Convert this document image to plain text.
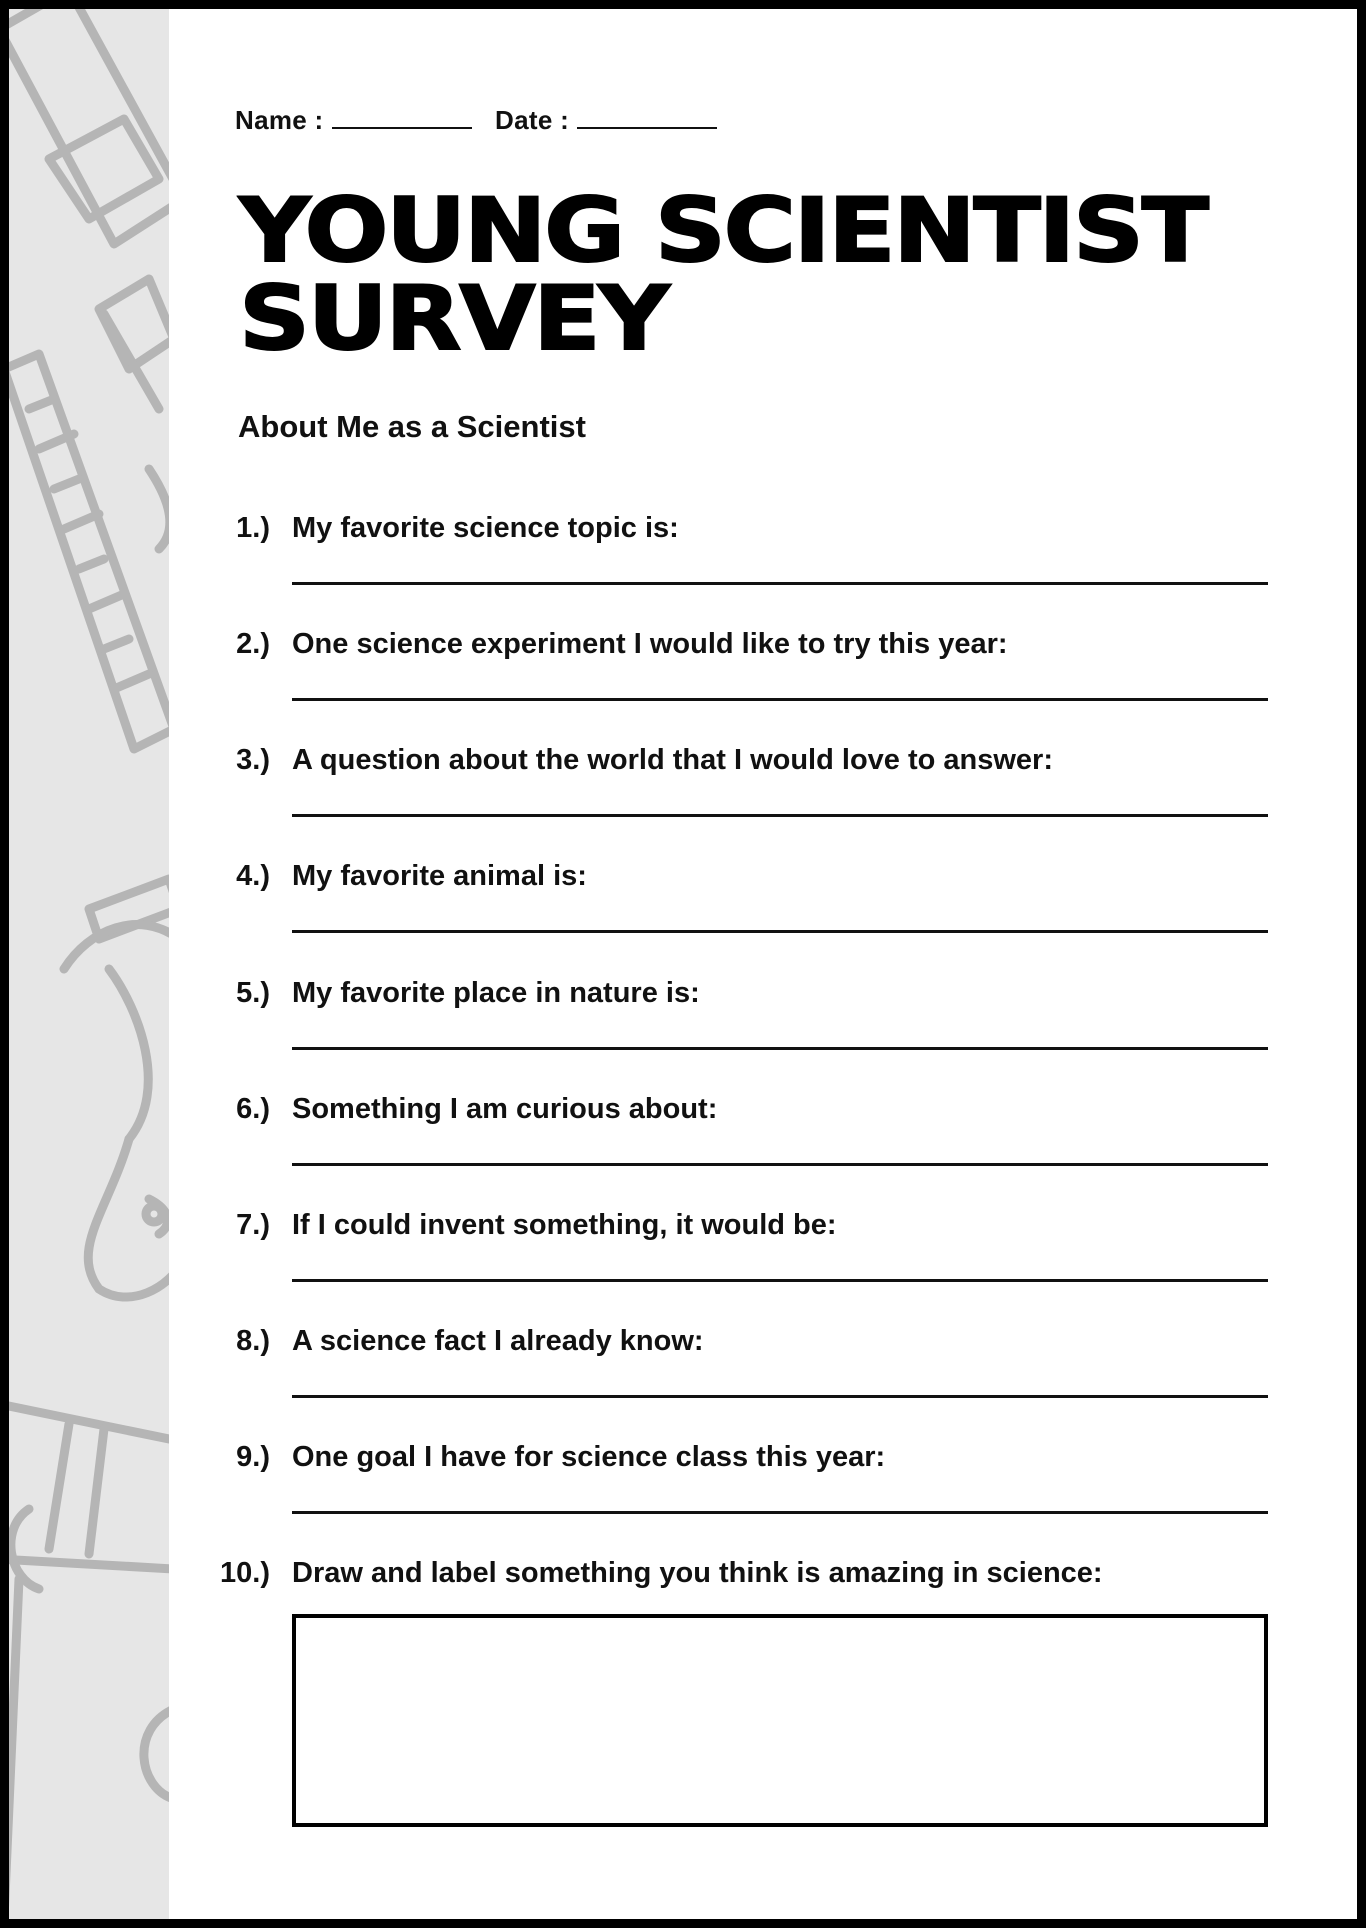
Name :	Date :
YOUNG SCIENTIST
SURVEY
About Me as a Scientist
1.) My favorite science topic is:
2.) One science experiment I would like to try this year:
3.) A question about the world that I would love to answer:
4.) My favorite animal is:
5.) My favorite place in nature is:
6.) Something I am curious about:
7.) If I could invent something, it would be:
8.) A science fact I already know:
9.) One goal I have for science class this year:
10.) Draw and label something you think is amazing in science:
